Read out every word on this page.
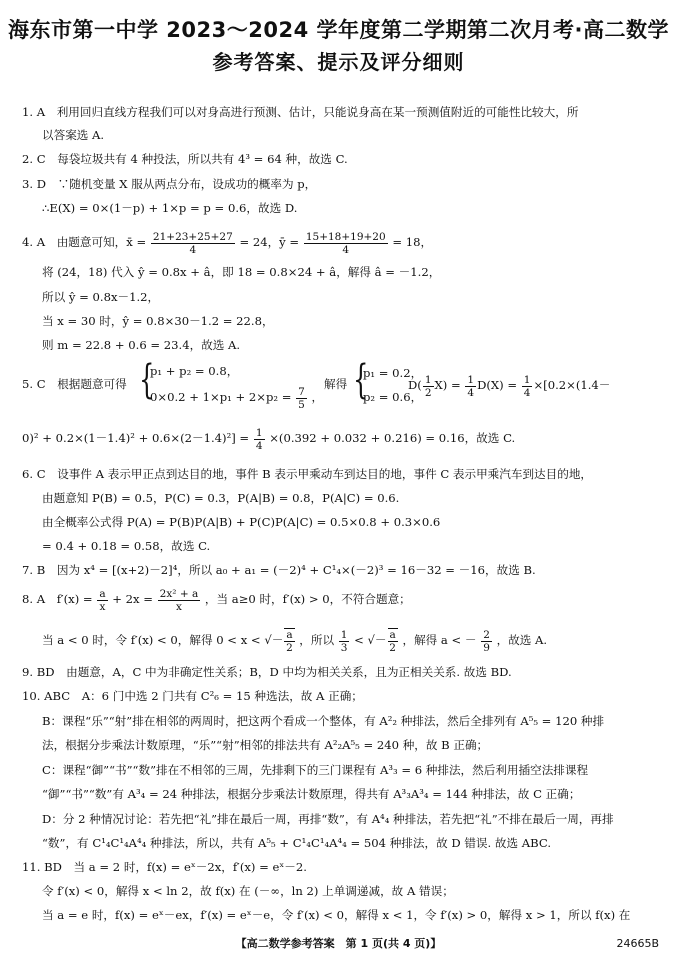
海东市第一中学 2023～2024 学年度第二学期第二次月考·高二数学
参考答案、提示及评分细则
1. A　利用回归直线方程我们可以对身高进行预测、估计，只能说身高在某一预测值附近的可能性比较大，所
以答案选 A.
2. C　每袋垃圾共有 4 种投法，所以共有 4³ = 64 种，故选 C.
3. D　∵随机变量 X 服从两点分布，设成功的概率为 p，
∴E(X) = 0×(1－p) + 1×p = p = 0.6，故选 D.
4. A　由题意可知，x̄ = $\frac{21+23+25+27}{4} = 24$，ȳ = $\frac{15+18+19+20}{4} = 18$，
将 (24，18) 代入 ŷ = 0.8x + â，即 18 = 0.8×24 + â，解得 â = －1.2，
所以 ŷ = 0.8x－1.2，
当 x = 30 时，ŷ = 0.8×30－1.2 = 22.8，
则 m = 22.8 + 0.6 = 23.4，故选 A.
5. C　根据题意可得 {
p₁ + p₂ = 0.8，
$0\times 0.2 + 1\times p_1 + 2\times p_2 = \frac{7}{5}$ ，
解得 {
p₁ = 0.2，
p₂ = 0.6，
$D( \frac{1}{2} X) = \frac{1}{4} D(X) = \frac{1}{4} \times[0.2\times(1.4-$
$0)^2 + 0.2\times(1-1.4)^2 + 0.6\times(2-1.4)^2] = \frac{1}{4} \times(0.392 + 0.032 + 0.216) = 0.16$，故选 C.
6. C　设事件 A 表示甲正点到达目的地，事件 B 表示甲乘动车到达目的地，事件 C 表示甲乘汽车到达目的地，
由题意知 P(B) = 0.5，P(C) = 0.3，P(A|B) = 0.8，P(A|C) = 0.6.
由全概率公式得 P(A) = P(B)P(A|B) + P(C)P(A|C) = 0.5×0.8 + 0.3×0.6
= 0.4 + 0.18 = 0.58，故选 C.
7. B　因为 x⁴ = [(x+2)－2]⁴，所以 a₀ + a₁ = (－2)⁴ + C¹₄×(－2)³ = 16－32 = －16，故选 B.
8. A　$f'(x) = \frac{a}{x} + 2x = \frac{\text{2x² + a}}{x}$ ，当 a≥0 时，f′(x) > 0，不符合题意；
当 a < 0 时，令 f′(x) < 0，解得 0 < x < √－ $\frac{a}{2}$ ，所以 $\frac{1}{3}$ < √－ $\frac{a}{2}$ ，解得 a < － $\frac{2}{9}$ ，故选 A.
9. BD　由题意，A，C 中为非确定性关系；B，D 中均为相关关系，且为正相关关系. 故选 BD.
10. ABC　A：6 门中选 2 门共有 C²₆ = 15 种选法，故 A 正确；
B：课程“乐”“射”排在相邻的两周时，把这两个看成一个整体，有 A²₂ 种排法，然后全排列有 A⁵₅ = 120 种排
法，根据分步乘法计数原理，“乐”“射”相邻的排法共有 A²₂A⁵₅ = 240 种，故 B 正确；
C：课程“御”“书”“数”排在不相邻的三周，先排剩下的三门课程有 A³₃ = 6 种排法，然后利用插空法排课程
“御”“书”“数”有 A³₄ = 24 种排法，根据分步乘法计数原理，得共有 A³₃A³₄ = 144 种排法，故 C 正确；
D：分 2 种情况讨论：若先把“礼”排在最后一周，再排“数”，有 A⁴₄ 种排法，若先把“礼”不排在最后一周，再排
“数”，有 C¹₄C¹₄A⁴₄ 种排法，所以，共有 A⁵₅ + C¹₄C¹₄A⁴₄ = 504 种排法，故 D 错误. 故选 ABC.
11. BD　当 a = 2 时，f(x) = eˣ－2x，f′(x) = eˣ－2.
令 f′(x) < 0，解得 x < ln 2，故 f(x) 在 (－∞，ln 2) 上单调递减，故 A 错误；
当 a = e 时，f(x) = eˣ－ex，f′(x) = eˣ－e，令 f′(x) < 0，解得 x < 1，令 f′(x) > 0，解得 x > 1，所以 f(x) 在
【高二数学参考答案　第 1 页(共 4 页)】	24665B
